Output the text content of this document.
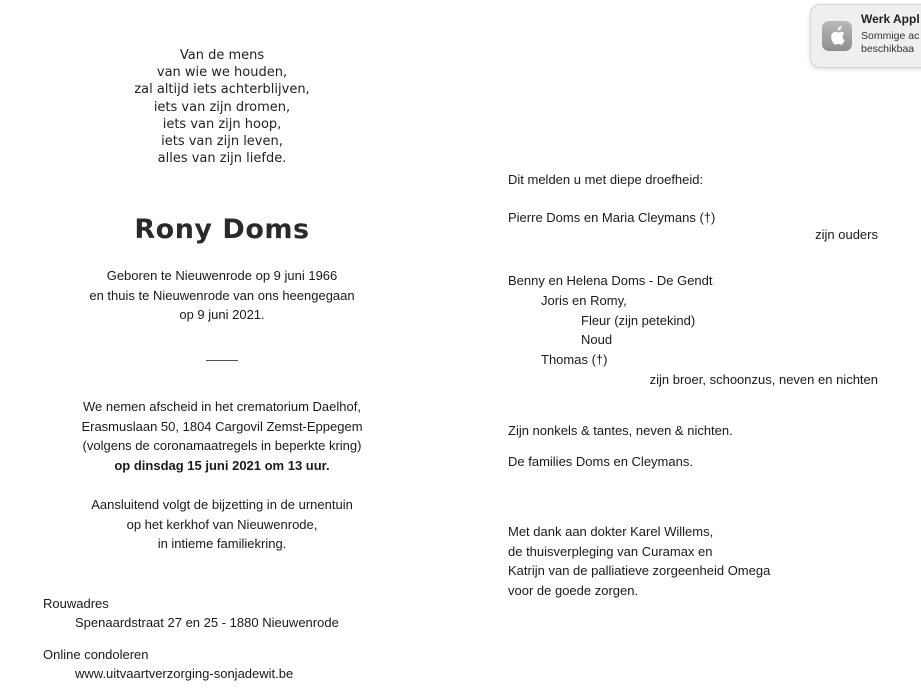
Van de mens
van wie we houden,
zal altijd iets achterblijven,
iets van zijn dromen,
iets van zijn hoop,
iets van zijn leven,
alles van zijn liefde.
Rony Doms
Geboren te Nieuwenrode op 9 juni 1966
en thuis te Nieuwenrode van ons heengegaan
op 9 juni 2021.
We nemen afscheid in het crematorium Daelhof,
Erasmuslaan 50, 1804 Cargovil Zemst-Eppegem
(volgens de coronamaatregels in beperkte kring)
op dinsdag 15 juni 2021 om 13 uur.
Aansluitend volgt de bijzetting in de urnentuin
op het kerkhof van Nieuwenrode,
in intieme familiekring.
Rouwadres
Spenaardstraat 27 en 25 - 1880 Nieuwenrode
Online condoleren
www.uitvaartverzorging-sonjadewit.be
Dit melden u met diepe droefheid:
Pierre Doms en Maria Cleymans (†)
zijn ouders
Benny en Helena Doms - De Gendt
Joris en Romy,
Fleur (zijn petekind)
Noud
Thomas (†)
zijn broer, schoonzus, neven en nichten
Zijn nonkels & tantes, neven & nichten.
De families Doms en Cleymans.
Met dank aan dokter Karel Willems,
de thuisverpleging van Curamax en
Katrijn van de palliatieve zorgeenheid Omega
voor de goede zorgen.
Werk Appl
Sommige ac
beschikbaa
